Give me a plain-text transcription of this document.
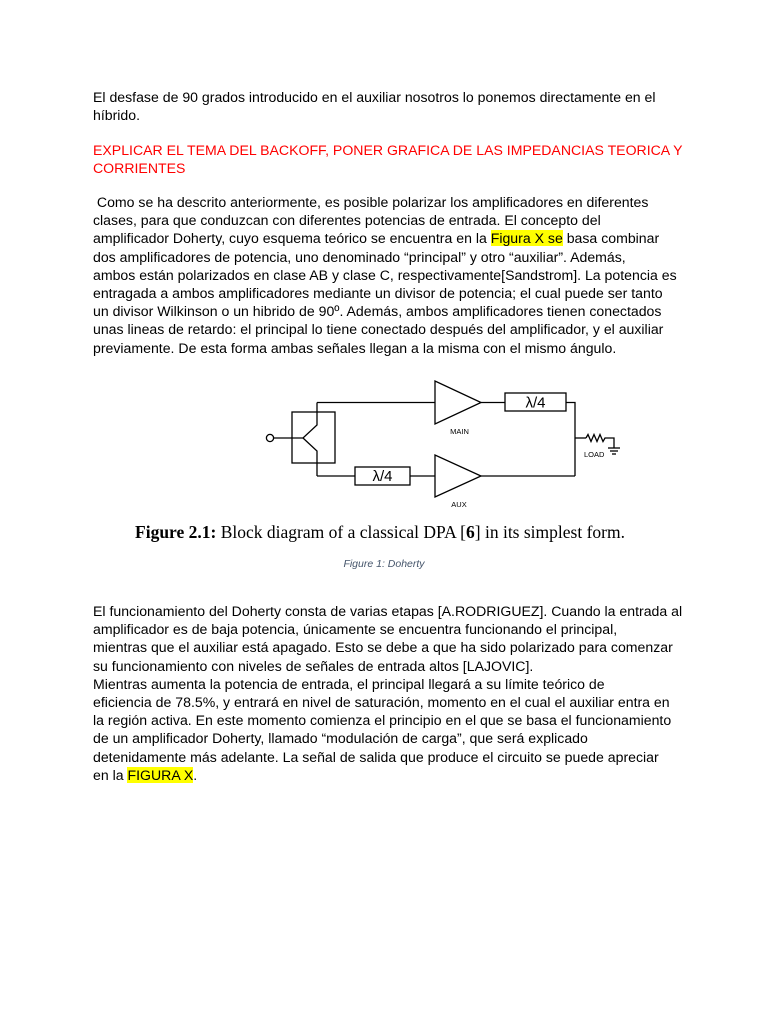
El desfase de 90 grados introducido en el auxiliar nosotros lo ponemos directamente en el
híbrido.
EXPLICAR EL TEMA DEL BACKOFF, PONER GRAFICA DE LAS IMPEDANCIAS TEORICA Y
CORRIENTES
Como se ha descrito anteriormente, es posible polarizar los amplificadores en diferentes
clases, para que conduzcan con diferentes potencias de entrada. El concepto del
amplificador Doherty, cuyo esquema teórico se encuentra en la Figura X se basa combinar
dos amplificadores de potencia, uno denominado “principal” y otro “auxiliar”. Además,
ambos están polarizados en clase AB y clase C, respectivamente[Sandstrom]. La potencia es
entragada a ambos amplificadores mediante un divisor de potencia; el cual puede ser tanto
un divisor Wilkinson o un hibrido de 90º. Además, ambos amplificadores tienen conectados
unas lineas de retardo: el principal lo tiene conectado después del amplificador, y el auxiliar
previamente. De esta forma ambas señales llegan a la misma con el mismo ángulo.
λ/4
λ/4
MAIN
AUX
LOAD
Figure 2.1: Block diagram of a classical DPA [6] in its simplest form.
Figure 1: Doherty
El funcionamiento del Doherty consta de varias etapas [A.RODRIGUEZ]. Cuando la entrada al
amplificador es de baja potencia, únicamente se encuentra funcionando el principal,
mientras que el auxiliar está apagado. Esto se debe a que ha sido polarizado para comenzar
su funcionamiento con niveles de señales de entrada altos [LAJOVIC].
Mientras aumenta la potencia de entrada, el principal llegará a su límite teórico de
eficiencia de 78.5%, y entrará en nivel de saturación, momento en el cual el auxiliar entra en
la región activa. En este momento comienza el principio en el que se basa el funcionamiento
de un amplificador Doherty, llamado “modulación de carga”, que será explicado
detenidamente más adelante. La señal de salida que produce el circuito se puede apreciar
en la FIGURA X.
